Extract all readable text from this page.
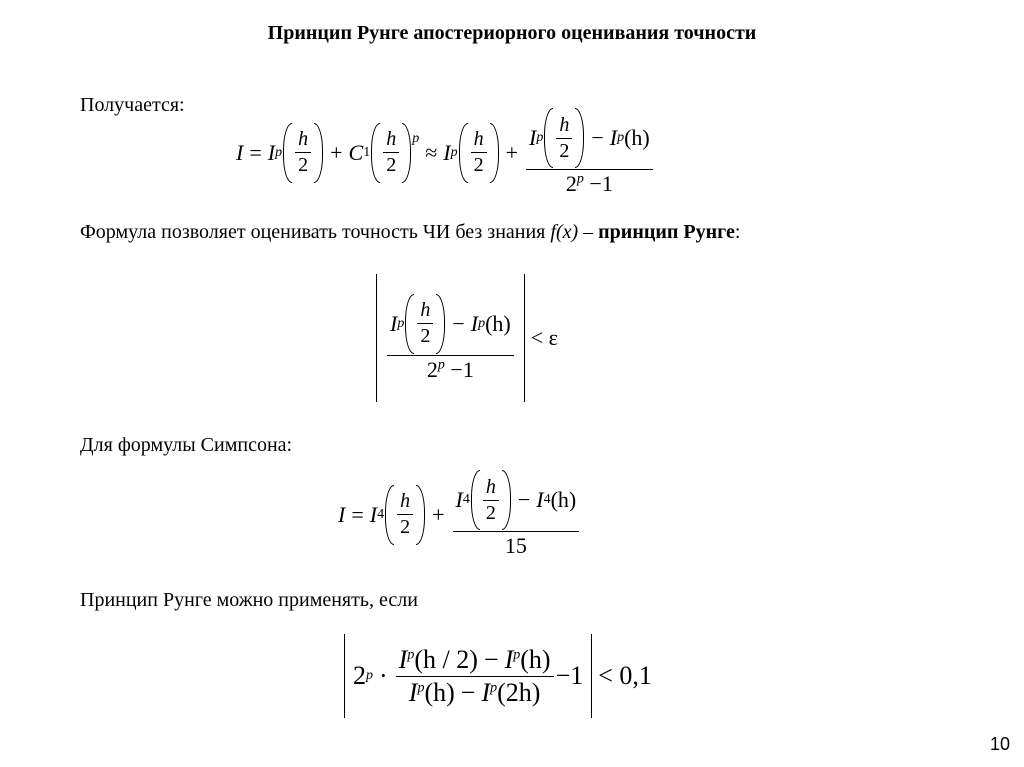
Принцип Рунге апостериорного оценивания точности
Получается:
I = I p $\frac{h}{2} + C$ $1 \frac{h}{2} ^p$
≈ I p $\frac{h}{2} + \frac{I p \frac{h}{2} - I p (h)}{2^p -1}$
Формула позволяет оценивать точность ЧИ без знания f(x) – принцип Рунге:
I p $\frac{h}{2} - I$ p (h)
$2^p -1$
< ε
Для формулы Симпсона:
I = I $4 \frac{h}{2} + \frac{I 4 \frac{h}{2} - I 4 (h)}{15}$
Принцип Рунге можно применять, если
2 $p \cdot \frac{I^p(h / 2) - I^p(h)}{I^p(h) - I^p(2h)} -1 < 0,1$
10
